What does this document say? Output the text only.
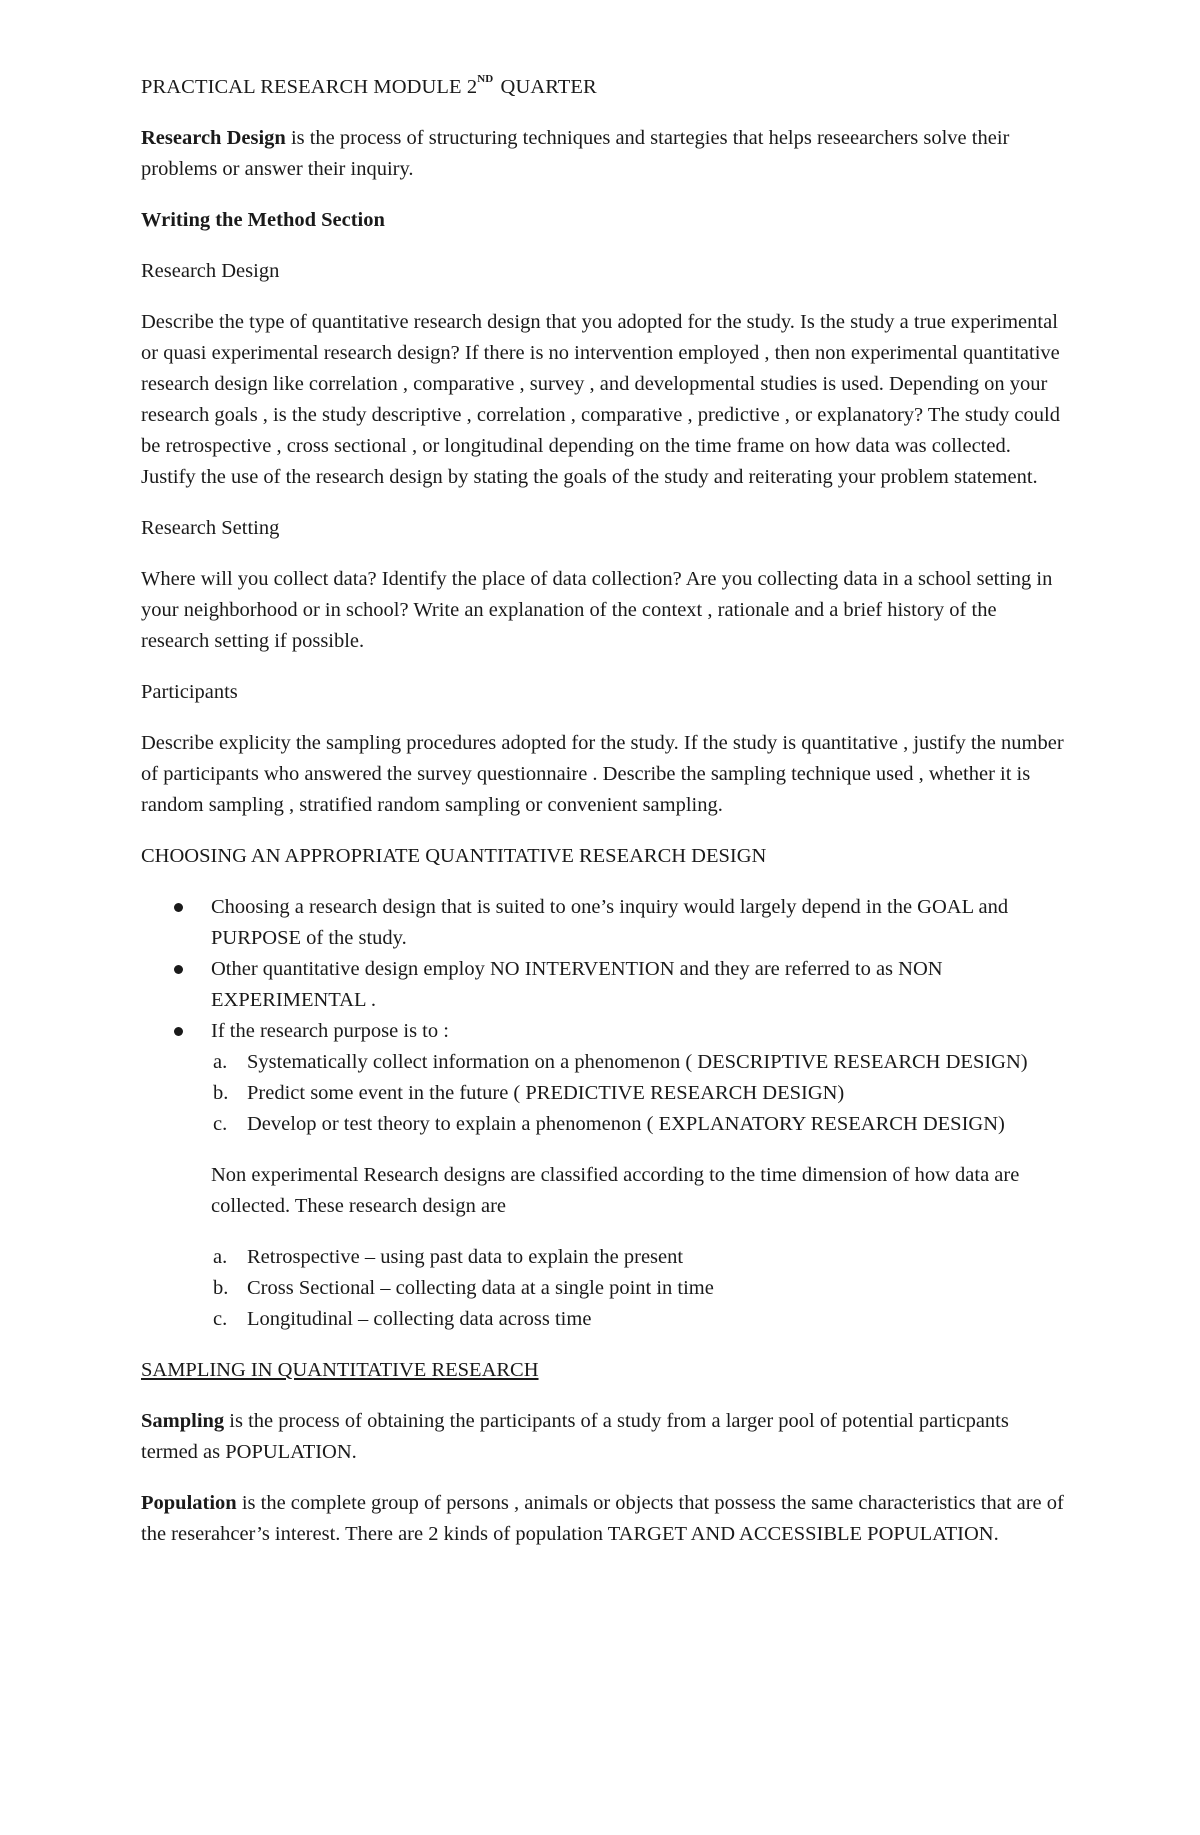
PRACTICAL RESEARCH MODULE 2ND QUARTER

Research Design is the process of structuring techniques and startegies that helps reseearchers solve their problems or answer their inquiry.

Writing the Method Section

Research Design

Describe the type of quantitative research design that you adopted for the study. Is the study a true experimental or quasi experimental research design? If there is no intervention employed , then non experimental quantitative research design like correlation , comparative , survey , and developmental studies is used. Depending on your research goals , is the study descriptive , correlation , comparative , predictive , or explanatory? The study could be retrospective , cross sectional , or longitudinal depending on the time frame on how data was collected. Justify the use of the research design by stating the goals of the study and reiterating your problem statement.

Research Setting

Where will you collect data? Identify the place of data collection? Are you collecting data in a school setting in your neighborhood or in school? Write an explanation of the context , rationale and a brief history of the research setting if possible.

Participants

Describe explicity the sampling procedures adopted for the study. If the study is quantitative , justify the number of participants who answered the survey questionnaire . Describe the sampling technique used , whether it is random sampling , stratified random sampling or convenient sampling.

CHOOSING AN APPROPRIATE QUANTITATIVE RESEARCH DESIGN

Choosing a research design that is suited to one’s inquiry would largely depend in the GOAL and PURPOSE of the study.
Other quantitative design employ NO INTERVENTION and they are referred to as NON EXPERIMENTAL .
If the research purpose is to :
a. Systematically collect information on a phenomenon ( DESCRIPTIVE RESEARCH DESIGN)
b. Predict some event in the future ( PREDICTIVE RESEARCH DESIGN)
c. Develop or test theory to explain a phenomenon ( EXPLANATORY RESEARCH DESIGN)
Non experimental Research designs are classified according to the time dimension of how data are collected. These research design are
a. Retrospective – using past data to explain the present
b. Cross Sectional – collecting data at a single point in time
c. Longitudinal – collecting data across time

SAMPLING IN QUANTITATIVE RESEARCH

Sampling is the process of obtaining the participants of a study from a larger pool of potential particpants termed as POPULATION.

Population is the complete group of persons , animals or objects that possess the same characteristics that are of the reserahcer’s interest. There are 2 kinds of population TARGET AND ACCESSIBLE POPULATION.
